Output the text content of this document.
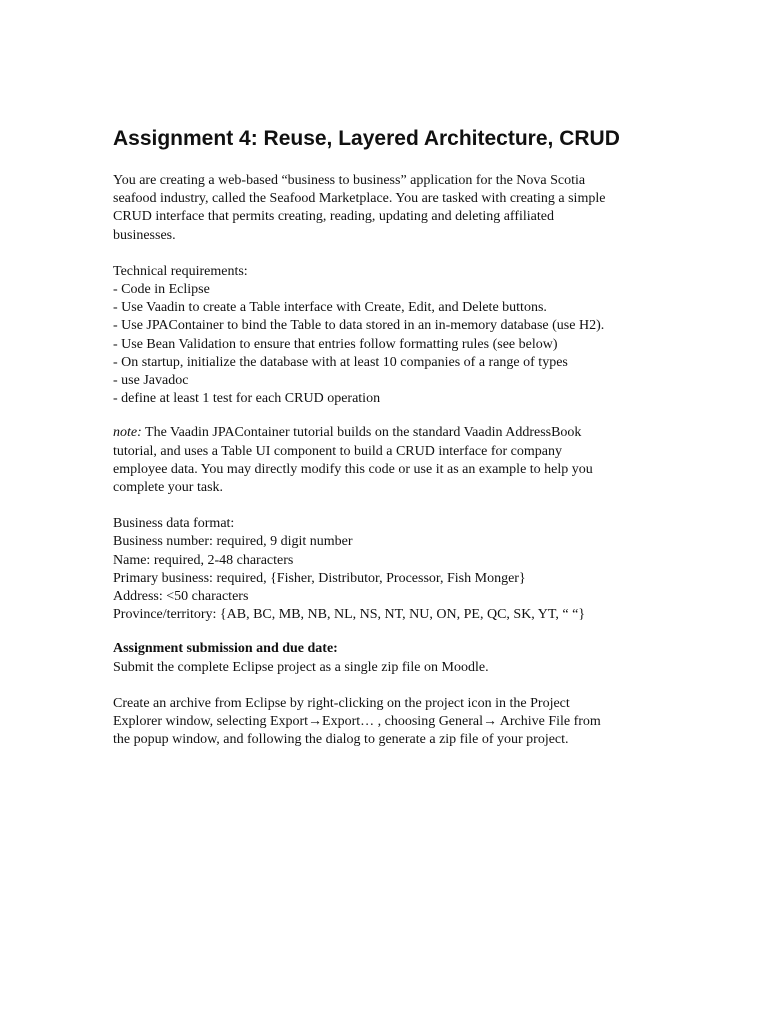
Assignment 4: Reuse, Layered Architecture, CRUD

You are creating a web-based “business to business” application for the Nova Scotia
seafood industry, called the Seafood Marketplace. You are tasked with creating a simple
CRUD interface that permits creating, reading, updating and deleting affiliated
businesses.

Technical requirements:
- Code in Eclipse
- Use Vaadin to create a Table interface with Create, Edit, and Delete buttons.
- Use JPAContainer to bind the Table to data stored in an in-memory database (use H2).
- Use Bean Validation to ensure that entries follow formatting rules (see below)
- On startup, initialize the database with at least 10 companies of a range of types
- use Javadoc
- define at least 1 test for each CRUD operation

note: The Vaadin JPAContainer tutorial builds on the standard Vaadin AddressBook
tutorial, and uses a Table UI component to build a CRUD interface for company
employee data. You may directly modify this code or use it as an example to help you
complete your task.

Business data format:
Business number: required, 9 digit number
Name: required, 2-48 characters
Primary business: required, {Fisher, Distributor, Processor, Fish Monger}
Address: <50 characters
Province/territory: {AB, BC, MB, NB, NL, NS, NT, NU, ON, PE, QC, SK, YT, “ “}

Assignment submission and due date:
Submit the complete Eclipse project as a single zip file on Moodle.

Create an archive from Eclipse by right-clicking on the project icon in the Project
Explorer window, selecting Export→Export… , choosing General→ Archive File from
the popup window, and following the dialog to generate a zip file of your project.
